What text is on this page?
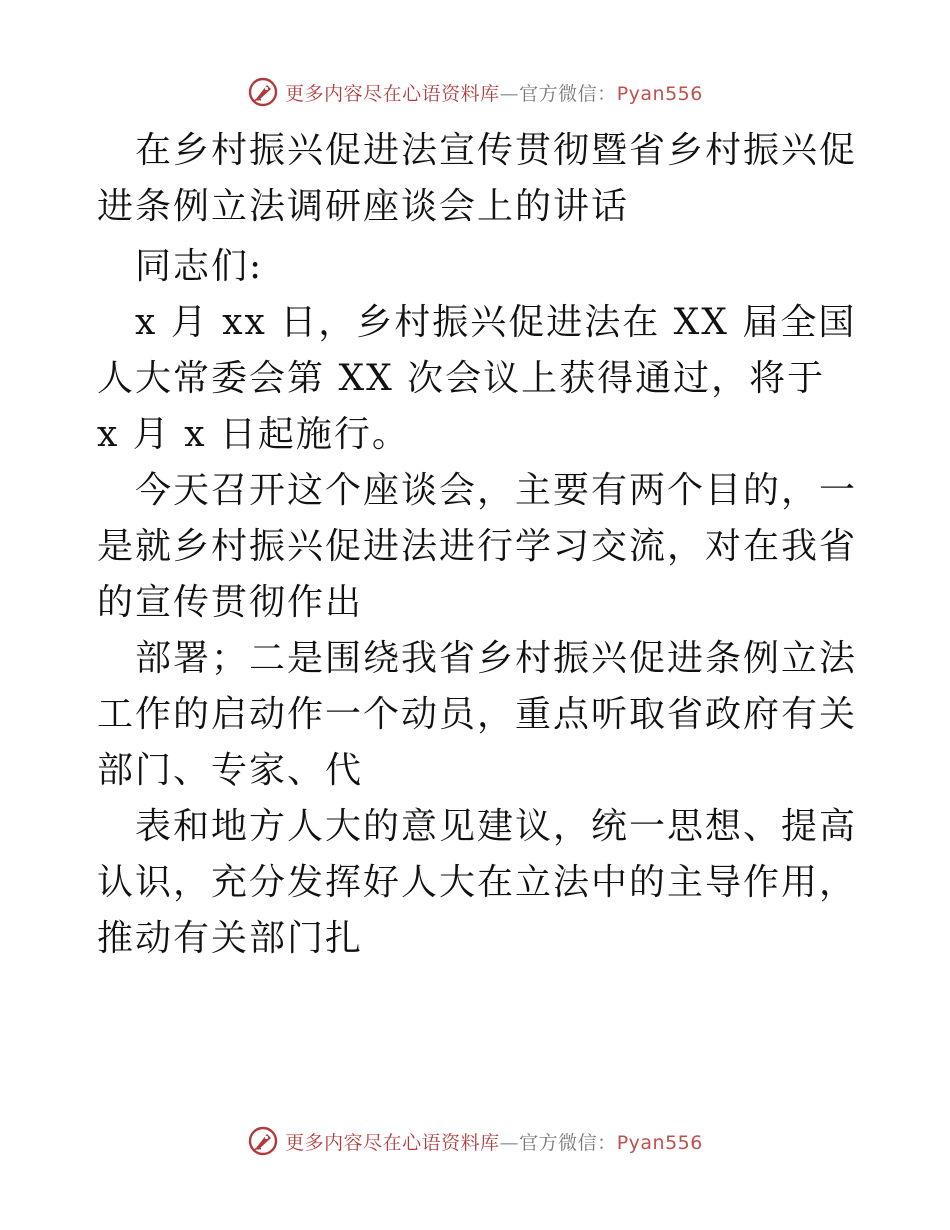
更多内容尽在心语资料库—官方微信：Pyan556

在乡村振兴促进法宣传贯彻暨省乡村振兴促进条例立法调研座谈会上的讲话

同志们:

x 月 xx 日，乡村振兴促进法在 XX 届全国人大常委会第 XX 次会议上获得通过，将于 x 月 x 日起施行。

今天召开这个座谈会，主要有两个目的，一是就乡村振兴促进法进行学习交流，对在我省的宣传贯彻作出

部署；二是围绕我省乡村振兴促进条例立法工作的启动作一个动员，重点听取省政府有关部门、专家、代

表和地方人大的意见建议，统一思想、提高认识，充分发挥好人大在立法中的主导作用，推动有关部门扎

更多内容尽在心语资料库—官方微信：Pyan556
